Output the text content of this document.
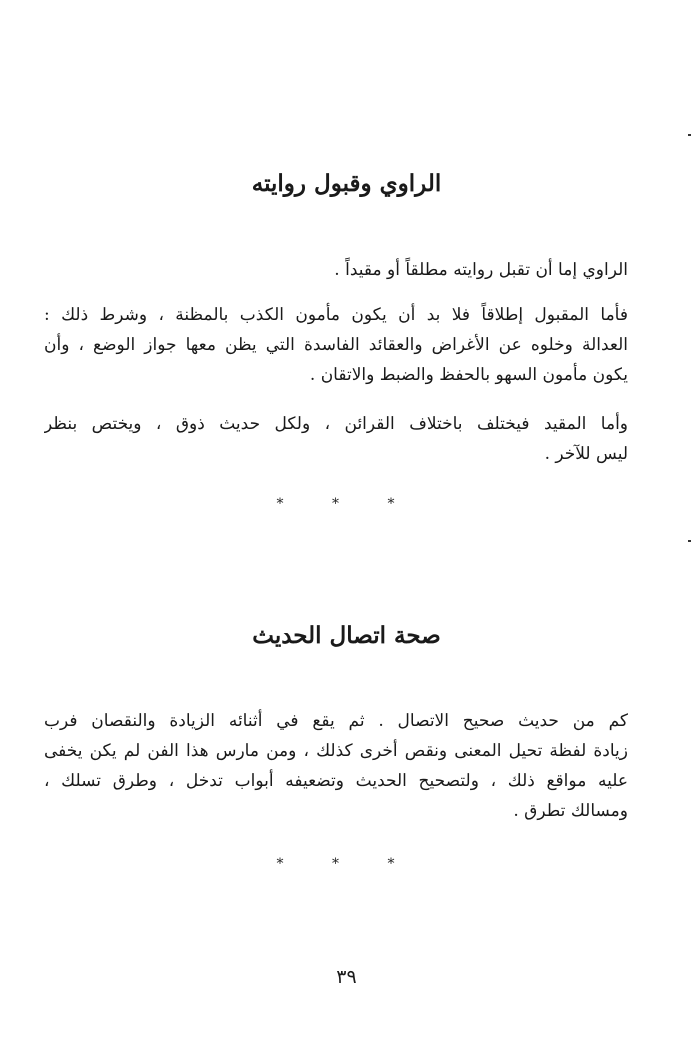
الراوي وقبول روايته
الراوي إما أن تقبل روايته مطلقاً أو مقيداً .
فأما المقبول إطلاقاً فلا بد أن يكون مأمون الكذب بالمظنة ، وشرط ذلك :
العدالة وخلوه عن الأغراض والعقائد الفاسدة التي يظن معها جواز الوضع ، وأن
يكون مأمون السهو بالحفظ والضبط والاتقان .
وأما المقيد فيختلف باختلاف القرائن ، ولكل حديث ذوق ، ويختص بنظر
ليس للآخر .

* * *

صحة اتصال الحديث
كم من حديث صحيح الاتصال . ثم يقع في أثنائه الزيادة والنقصان فرب
زيادة لفظة تحيل المعنى ونقص أخرى كذلك ، ومن مارس هذا الفن لم يكن يخفى
عليه مواقع ذلك ، ولتصحيح الحديث وتضعيفه أبواب تدخل ، وطرق تسلك ،
ومسالك تطرق .

* * *

٣٩
